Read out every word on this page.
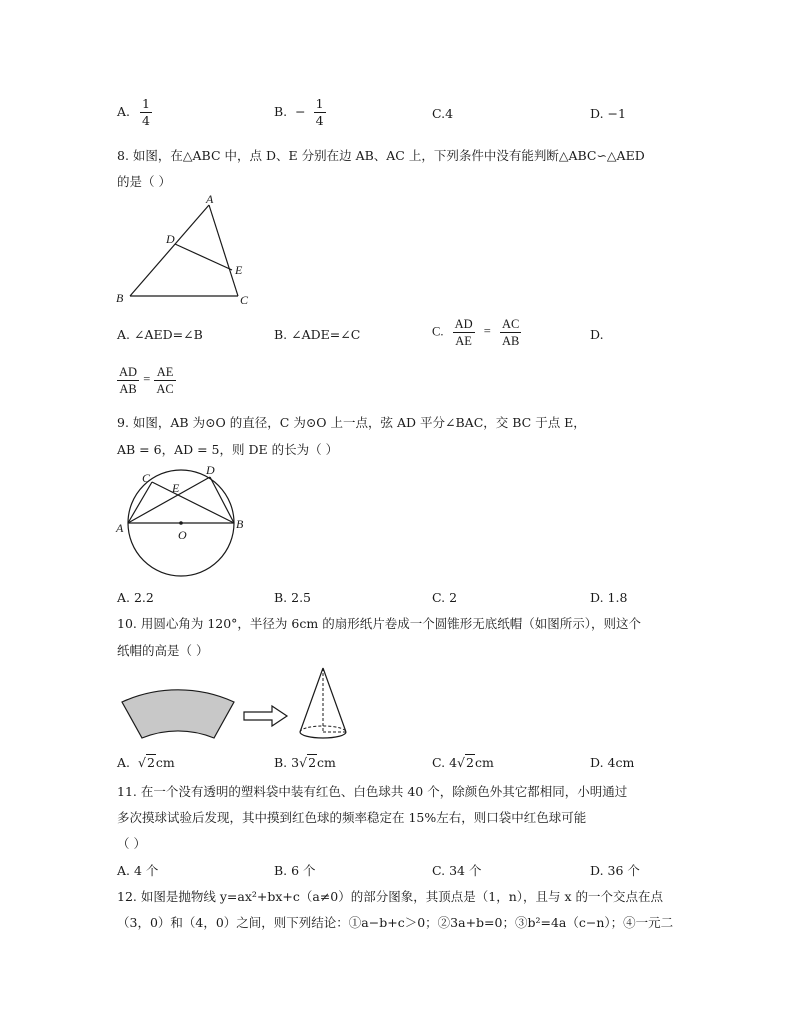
A. $\frac{1}{4}$	B. − $\frac{1}{4}$	C.4	D. −1
8. 如图，在△ABC 中，点 D、E 分别在边 AB、AC 上，下列条件中没有能判断△ABC∽△AED
的是（ ）
A
D
E
B	C
A. ∠AED=∠B	B. ∠ADE=∠C	C. $\frac{AD}{AE} = \frac{AC}{AB}$	D.
$\frac{AD}{AB} = \frac{AE}{AC}$
9. 如图，AB 为⊙O 的直径，C 为⊙O 上一点，弦 AD 平分∠BAC，交 BC 于点 E，
AB = 6，AD = 5，则 DE 的长为（ ）
A	B
C
D
E
O
A. 2.2	B. 2.5	C. 2	D. 1.8
10. 用圆心角为 120°，半径为 6cm 的扇形纸片卷成一个圆锥形无底纸帽（如图所示），则这个
纸帽的高是（ ）
A. √2cm	B. 3√2cm	C. 4√2cm	D. 4cm
11. 在一个没有透明的塑料袋中装有红色、白色球共 40 个，除颜色外其它都相同，小明通过
多次摸球试验后发现，其中摸到红色球的频率稳定在 15%左右，则口袋中红色球可能
（ ）
A. 4 个	B. 6 个	C. 34 个	D. 36 个
12. 如图是抛物线 y=ax²+bx+c（a≠0）的部分图象，其顶点是（1，n），且与 x 的一个交点在点
（3，0）和（4，0）之间，则下列结论：①a−b+c＞0；②3a+b=0；③b²=4a（c−n）；④一元二
